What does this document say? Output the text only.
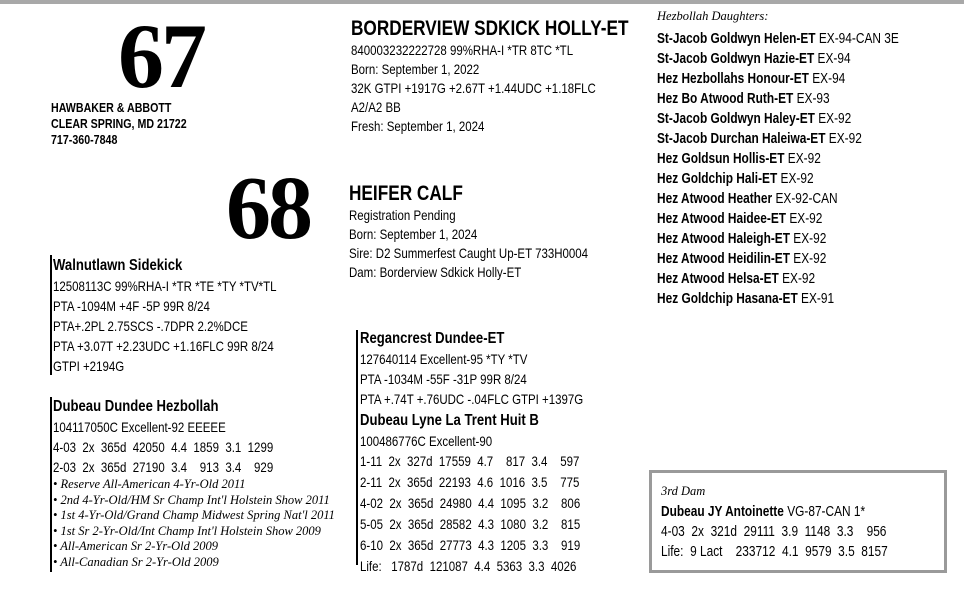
67
HAWBAKER & ABBOTT
CLEAR SPRING, MD 21722
717-360-7848
BORDERVIEW SDKICK HOLLY-ET
840003232222728 99%RHA-I *TR 8TC *TL
Born: September 1, 2022
32K GTPI +1917G +2.67T +1.44UDC +1.18FLC
A2/A2 BB
Fresh: September 1, 2024
68 HEIFER CALF
Registration Pending
Born: September 1, 2024
Sire: D2 Summerfest Caught Up-ET 733H0004
Dam: Borderview Sdkick Holly-ET
Walnutlawn Sidekick
12508113C 99%RHA-I *TR *TE *TY *TV*TL
PTA -1094M +4F -5P 99R 8/24
PTA+.2PL 2.75SCS -.7DPR 2.2%DCE
PTA +3.07T +2.23UDC +1.16FLC 99R 8/24
GTPI +2194G
Dubeau Dundee Hezbollah
104117050C Excellent-92 EEEEE
4-03  2x  365d  42050  4.4  1859  3.1  1299
2-03  2x  365d  27190  3.4    913  3.4    929
• Reserve All-American 4-Yr-Old 2011
• 2nd 4-Yr-Old/HM Sr Champ Int'l Holstein Show 2011
• 1st 4-Yr-Old/Grand Champ Midwest Spring Nat'l 2011
• 1st Sr 2-Yr-Old/Int Champ Int'l Holstein Show 2009
• All-American Sr 2-Yr-Old 2009
• All-Canadian Sr 2-Yr-Old 2009
Regancrest Dundee-ET
127640114 Excellent-95 *TY *TV
PTA -1034M -55F -31P 99R 8/24
PTA +.74T +.76UDC -.04FLC GTPI +1397G
Dubeau Lyne La Trent Huit B
100486776C Excellent-90
1-11  2x  327d  17559  4.7    817  3.4    597
2-11  2x  365d  22193  4.6  1016  3.5    775
4-02  2x  365d  24980  4.4  1095  3.2    806
5-05  2x  365d  28582  4.3  1080  3.2    815
6-10  2x  365d  27773  4.3  1205  3.3    919
Life:   1787d  121087  4.4  5363  3.3  4026
Hezbollah Daughters:
St-Jacob Goldwyn Helen-ET EX-94-CAN 3E
St-Jacob Goldwyn Hazie-ET EX-94
Hez Hezbollahs Honour-ET EX-94
Hez Bo Atwood Ruth-ET EX-93
St-Jacob Goldwyn Haley-ET EX-92
St-Jacob Durchan Haleiwa-ET EX-92
Hez Goldsun Hollis-ET EX-92
Hez Goldchip Hali-ET EX-92
Hez Atwood Heather EX-92-CAN
Hez Atwood Haidee-ET EX-92
Hez Atwood Haleigh-ET EX-92
Hez Atwood Heidilin-ET EX-92
Hez Atwood Helsa-ET EX-92
Hez Goldchip Hasana-ET EX-91
3rd Dam
Dubeau JY Antoinette VG-87-CAN 1*
4-03  2x  321d  29111  3.9  1148  3.3    956
Life:  9 Lact    233712  4.1  9579  3.5  8157
